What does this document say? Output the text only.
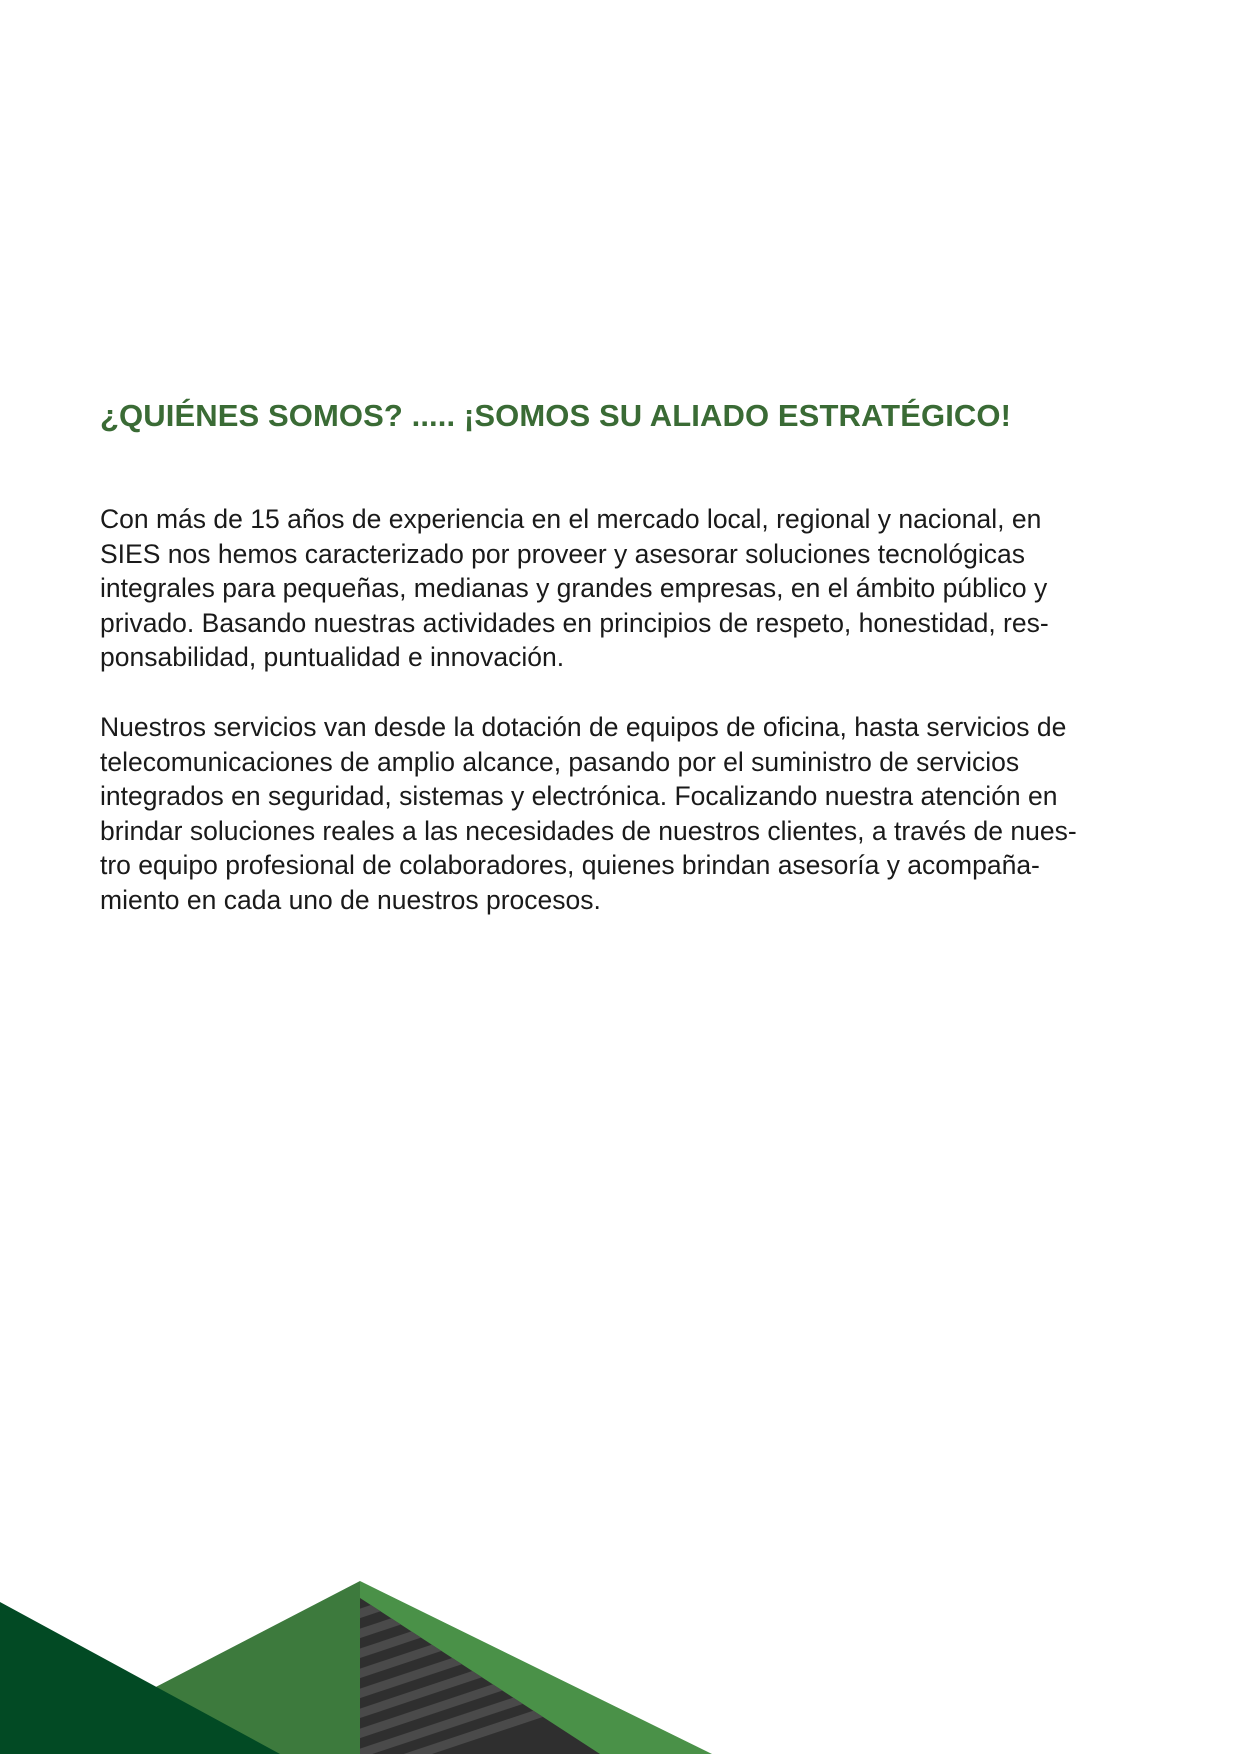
¿QUIÉNES SOMOS? ..... ¡SOMOS SU ALIADO ESTRATÉGICO!

Con más de 15 años de experiencia en el mercado local, regional y nacional, en
SIES nos hemos caracterizado por proveer y asesorar soluciones tecnológicas
integrales para pequeñas, medianas y grandes empresas, en el ámbito público y
privado. Basando nuestras actividades en principios de respeto, honestidad, res-
ponsabilidad, puntualidad e innovación.

Nuestros servicios van desde la dotación de equipos de oficina, hasta servicios de
telecomunicaciones de amplio alcance, pasando por el suministro de servicios
integrados en seguridad, sistemas y electrónica. Focalizando nuestra atención en
brindar soluciones reales a las necesidades de nuestros clientes, a través de nues-
tro equipo profesional de colaboradores, quienes brindan asesoría y acompaña-
miento en cada uno de nuestros procesos.
